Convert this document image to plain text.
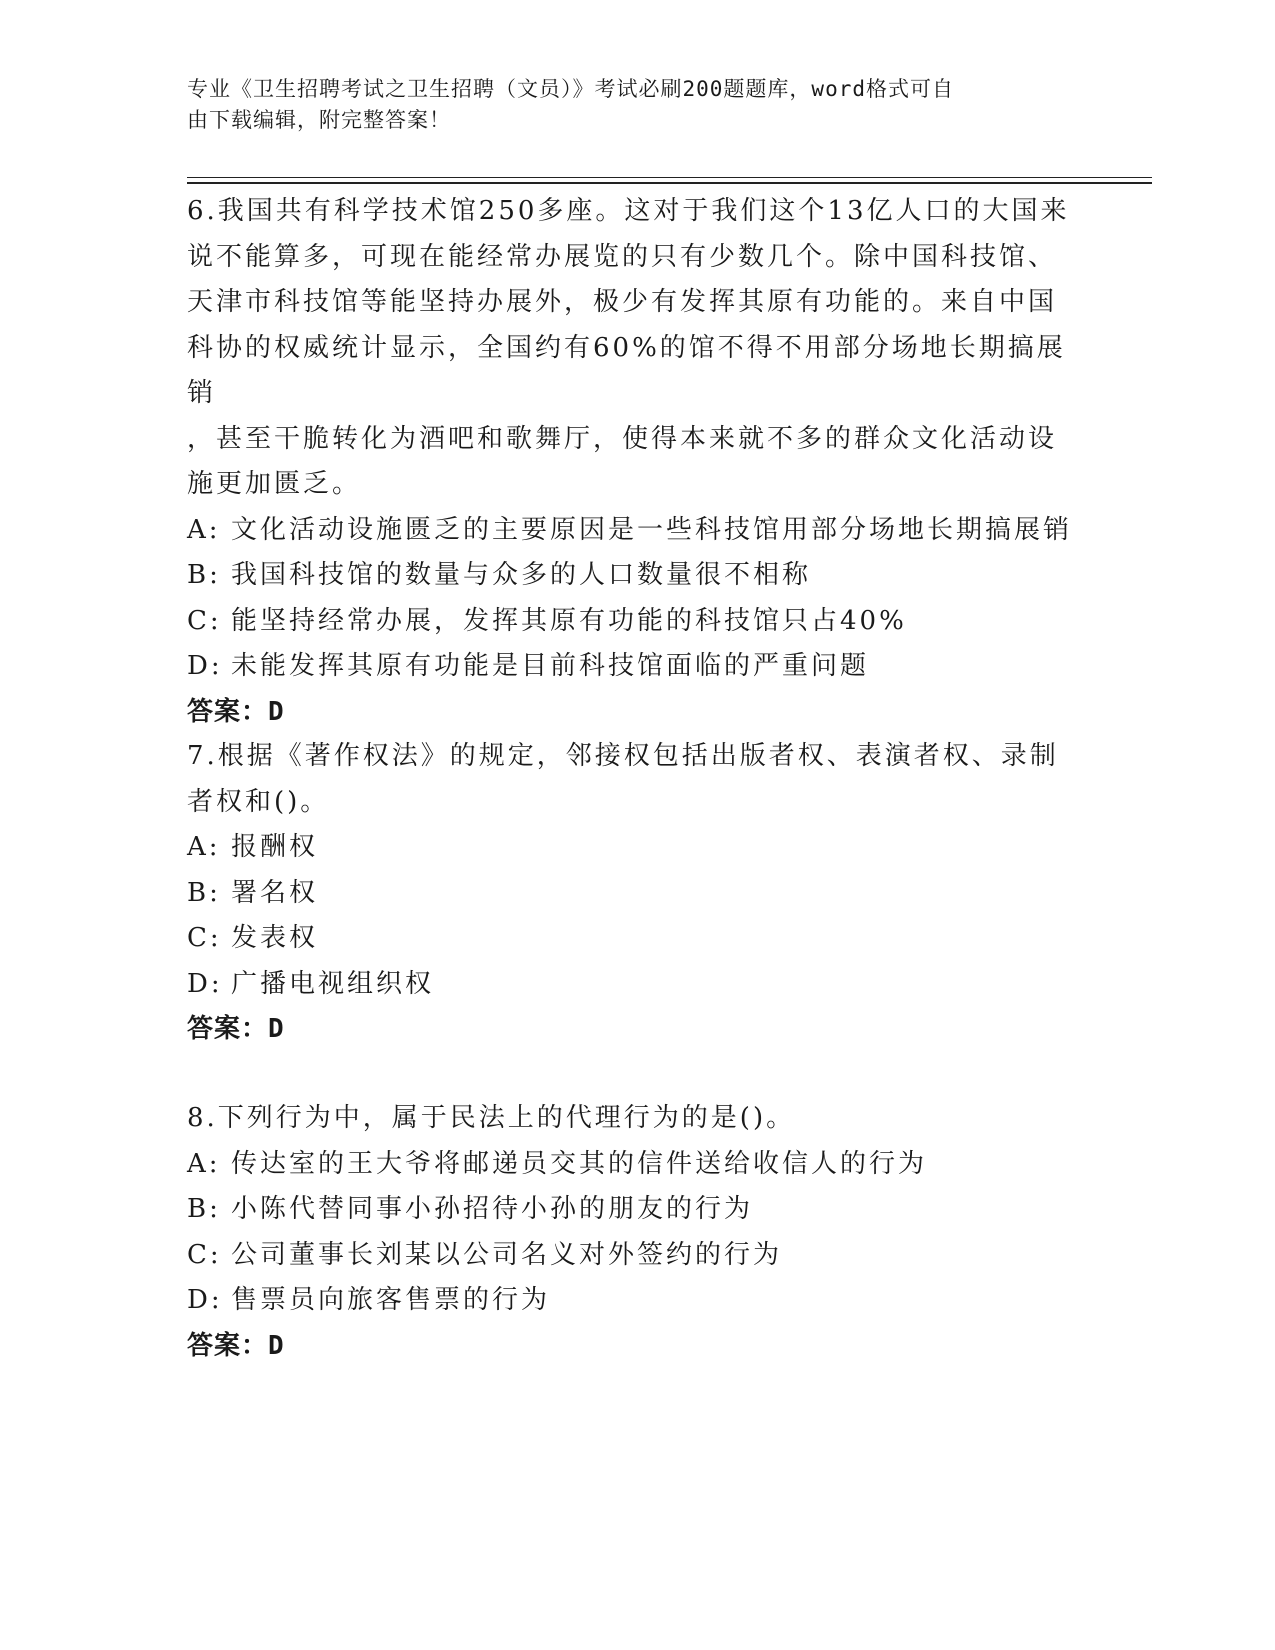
专业《卫生招聘考试之卫生招聘（文员）》考试必刷200题题库，word格式可自
由下载编辑，附完整答案！
6.我国共有科学技术馆250多座。这对于我们这个13亿人口的大国来
说不能算多，可现在能经常办展览的只有少数几个。除中国科技馆、
天津市科技馆等能坚持办展外，极少有发挥其原有功能的。来自中国
科协的权威统计显示，全国约有60%的馆不得不用部分场地长期搞展销
，甚至干脆转化为酒吧和歌舞厅，使得本来就不多的群众文化活动设
施更加匮乏。
A: 文化活动设施匮乏的主要原因是一些科技馆用部分场地长期搞展销
B: 我国科技馆的数量与众多的人口数量很不相称
C: 能坚持经常办展，发挥其原有功能的科技馆只占40%
D: 未能发挥其原有功能是目前科技馆面临的严重问题
答案：D
7.根据《著作权法》的规定，邻接权包括出版者权、表演者权、录制
者权和()。
A: 报酬权
B: 署名权
C: 发表权
D: 广播电视组织权
答案：D
8.下列行为中，属于民法上的代理行为的是()。
A: 传达室的王大爷将邮递员交其的信件送给收信人的行为
B: 小陈代替同事小孙招待小孙的朋友的行为
C: 公司董事长刘某以公司名义对外签约的行为
D: 售票员向旅客售票的行为
答案：D
